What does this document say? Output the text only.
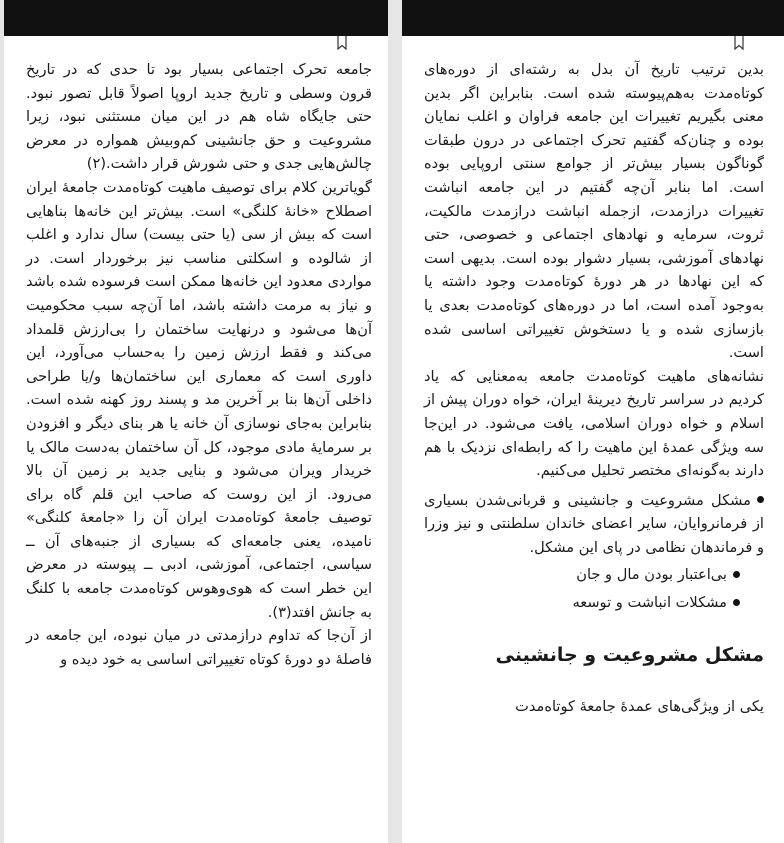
جامعه تحرک اجتماعی بسیار بود تا حدی که در تاریخ قرون وسطی و تاریخ جدید اروپا اصولاً قابل تصور نبود. حتی جایگاه شاه هم در این میان مستثنی نبود، زیرا مشروعیت و حق جانشینی کم‌وبیش همواره در معرض چالش‌هایی جدی و حتی شورش قرار داشت.(۲)

گویاترین کلام برای توصیف ماهیت کوتاه‌مدت جامعهٔ ایران اصطلاح «خانهٔ کلنگی» است. بیش‌تر این خانه‌ها بناهایی است که بیش از سی (یا حتی بیست) سال ندارد و اغلب از شالوده و اسکلتی مناسب نیز برخوردار است. در مواردی معدود این خانه‌ها ممکن است فرسوده شده باشد و نیاز به مرمت داشته باشد، اما آن‌چه سبب محکومیت آن‌ها می‌شود و درنهایت ساختمان را بی‌ارزش قلمداد می‌کند و فقط ارزش زمین را به‌حساب می‌آورد، این داوری است که معماری این ساختمان‌ها و/یا طراحی داخلی آن‌ها بنا بر آخرین مد و پسند روز کهنه شده است. بنابراین به‌جای نوسازی آن خانه یا هر بنای دیگر و افزودن بر سرمایهٔ مادی موجود، کل آن ساختمان به‌دست مالک یا خریدار ویران می‌شود و بنایی جدید بر زمین آن بالا می‌رود. از این روست که صاحب این قلم گاه برای توصیف جامعهٔ کوتاه‌مدت ایران آن را «جامعهٔ کلنگی» نامیده، یعنی جامعه‌ای که بسیاری از جنبه‌های آن ــ سیاسی، اجتماعی، آموزشی، ادبی ــ پیوسته در معرض این خطر است که هوی‌وهوس کوتاه‌مدت جامعه با کلنگ به جانش افتد(۳).

از آن‌جا که تداوم درازمدتی در میان نبوده، این جامعه در فاصلهٔ دو دورهٔ کوتاه تغییراتی اساسی به خود دیده و

بدین ترتیب تاریخ آن بدل به رشته‌ای از دوره‌های کوتاه‌مدت به‌هم‌پیوسته شده است. بنابراین اگر بدین معنی بگیریم تغییرات این جامعه فراوان و اغلب نمایان بوده و چنان‌که گفتیم تحرک اجتماعی در درون طبقات گوناگون بسیار بیش‌تر از جوامع سنتی اروپایی بوده است. اما بنابر آن‌چه گفتیم در این جامعه انباشت تغییرات درازمدت، ازجمله انباشت درازمدت مالکیت، ثروت، سرمایه و نهادهای اجتماعی و خصوصی، حتی نهادهای آموزشی، بسیار دشوار بوده است. بدیهی است که این نهادها در هر دورهٔ کوتاه‌مدت وجود داشته یا به‌وجود آمده است، اما در دوره‌های کوتاه‌مدت بعدی یا بازسازی شده و یا دستخوش تغییراتی اساسی شده است.

نشانه‌های ماهیت کوتاه‌مدت جامعه به‌معنایی که یاد کردیم در سراسر تاریخ دیرینهٔ ایران، خواه دوران پیش از اسلام و خواه دوران اسلامی، یافت می‌شود. در این‌جا سه ویژگی عمدهٔ این ماهیت را که رابطه‌ای نزدیک با هم دارند به‌گونه‌ای مختصر تحلیل می‌کنیم.

مشکل مشروعیت و جانشینی و قربانی‌شدن بسیاری از فرمانروایان، سایر اعضای خاندان سلطنتی و نیز وزرا و فرماندهان نظامی در پای این مشکل.
بی‌اعتبار بودن مال و جان
مشکلات انباشت و توسعه
مشکل مشروعیت و جانشینی

یکی از ویژگی‌های عمدهٔ جامعهٔ کوتاه‌مدت
